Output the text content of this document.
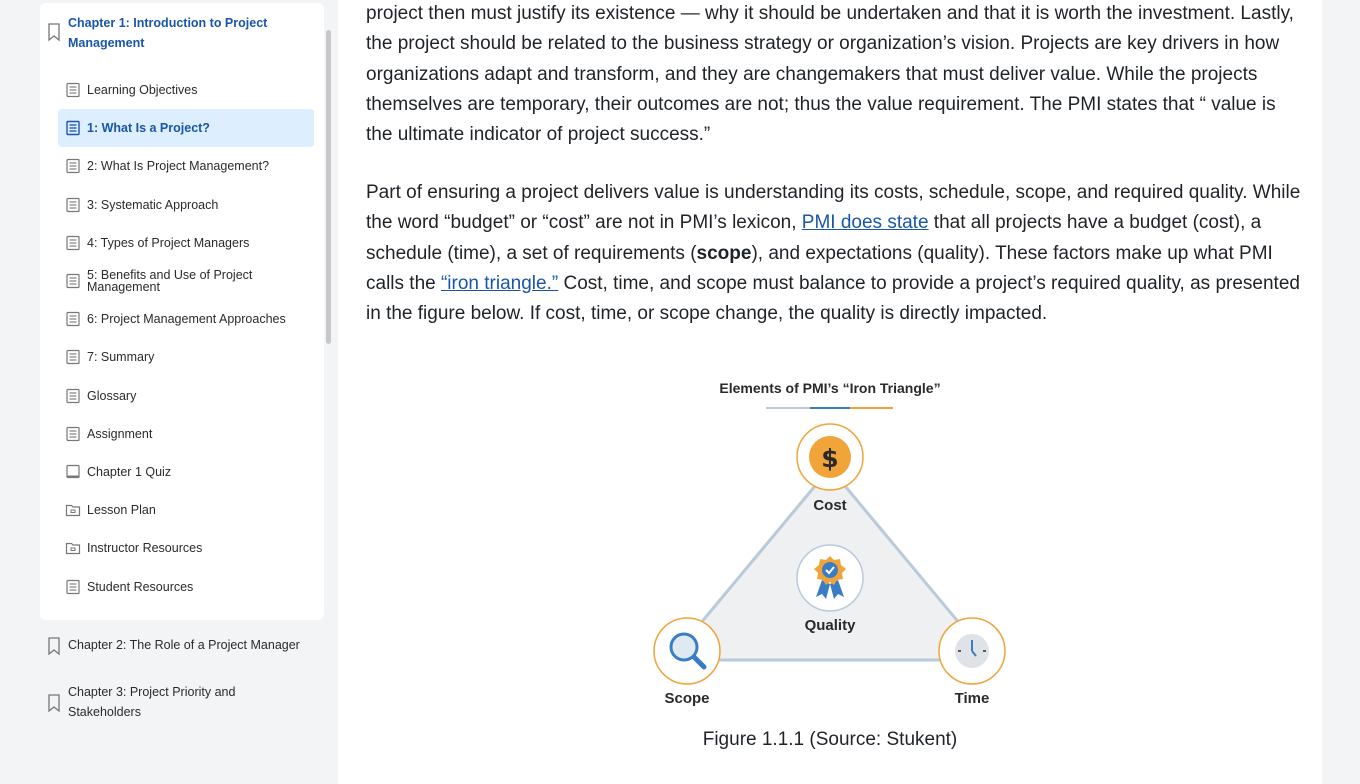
Chapter 1: Introduction to Project Management
Learning Objectives
1: What Is a Project?
2: What Is Project Management?
3: Systematic Approach
4: Types of Project Managers
5: Benefits and Use of Project Management
6: Project Management Approaches
7: Summary
Glossary
Assignment
Chapter 1 Quiz
Lesson Plan
Instructor Resources
Student Resources
Chapter 2: The Role of a Project Manager
Chapter 3: Project Priority and Stakeholders

project then must justify its existence — why it should be undertaken and that it is worth the investment. Lastly, the project should be related to the business strategy or organization’s vision. Projects are key drivers in how organizations adapt and transform, and they are changemakers that must deliver value. While the projects themselves are temporary, their outcomes are not; thus the value requirement. The PMI states that “ value is the ultimate indicator of project success.”

Part of ensuring a project delivers value is understanding its costs, schedule, scope, and required quality. While the word “budget” or “cost” are not in PMI’s lexicon, PMI does state that all projects have a budget (cost), a schedule (time), a set of requirements (scope), and expectations (quality). These factors make up what PMI calls the “iron triangle.” Cost, time, and scope must balance to provide a project’s required quality, as presented in the figure below. If cost, time, or scope change, the quality is directly impacted.

Elements of PMI’s “Iron Triangle”
$
Cost
Quality
Scope	Time
Figure 1.1.1 (Source: Stukent)
